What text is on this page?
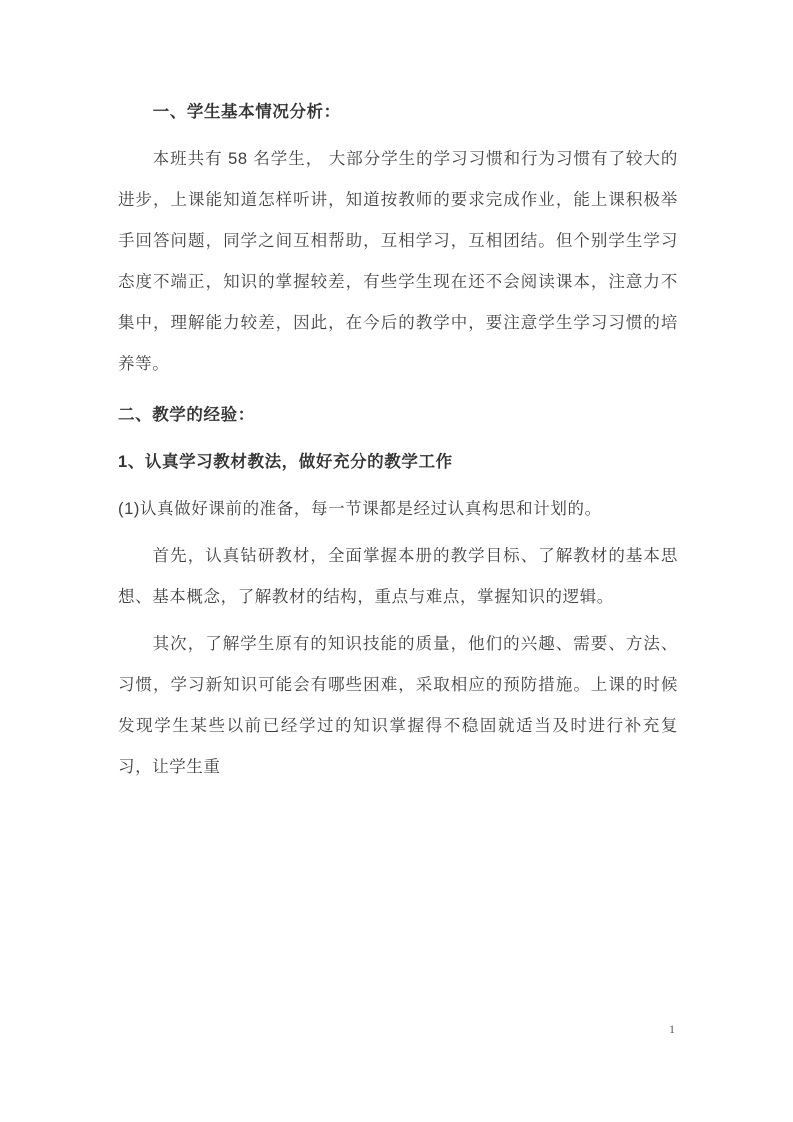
一、学生基本情况分析：

本班共有 58 名学生， 大部分学生的学习习惯和行为习惯有了较大的进步，上课能知道怎样听讲，知道按教师的要求完成作业，能上课积极举手回答问题，同学之间互相帮助，互相学习，互相团结。但个别学生学习态度不端正，知识的掌握较差，有些学生现在还不会阅读课本，注意力不集中，理解能力较差，因此，在今后的教学中，要注意学生学习习惯的培养等。

二、教学的经验：

1、认真学习教材教法，做好充分的教学工作

(1)认真做好课前的准备，每一节课都是经过认真构思和计划的。

首先，认真钻研教材，全面掌握本册的教学目标、了解教材的基本思想、基本概念，了解教材的结构，重点与难点，掌握知识的逻辑。

其次，了解学生原有的知识技能的质量，他们的兴趣、需要、方法、习惯，学习新知识可能会有哪些困难，采取相应的预防措施。上课的时候发现学生某些以前已经学过的知识掌握得不稳固就适当及时进行补充复习，让学生重

1
